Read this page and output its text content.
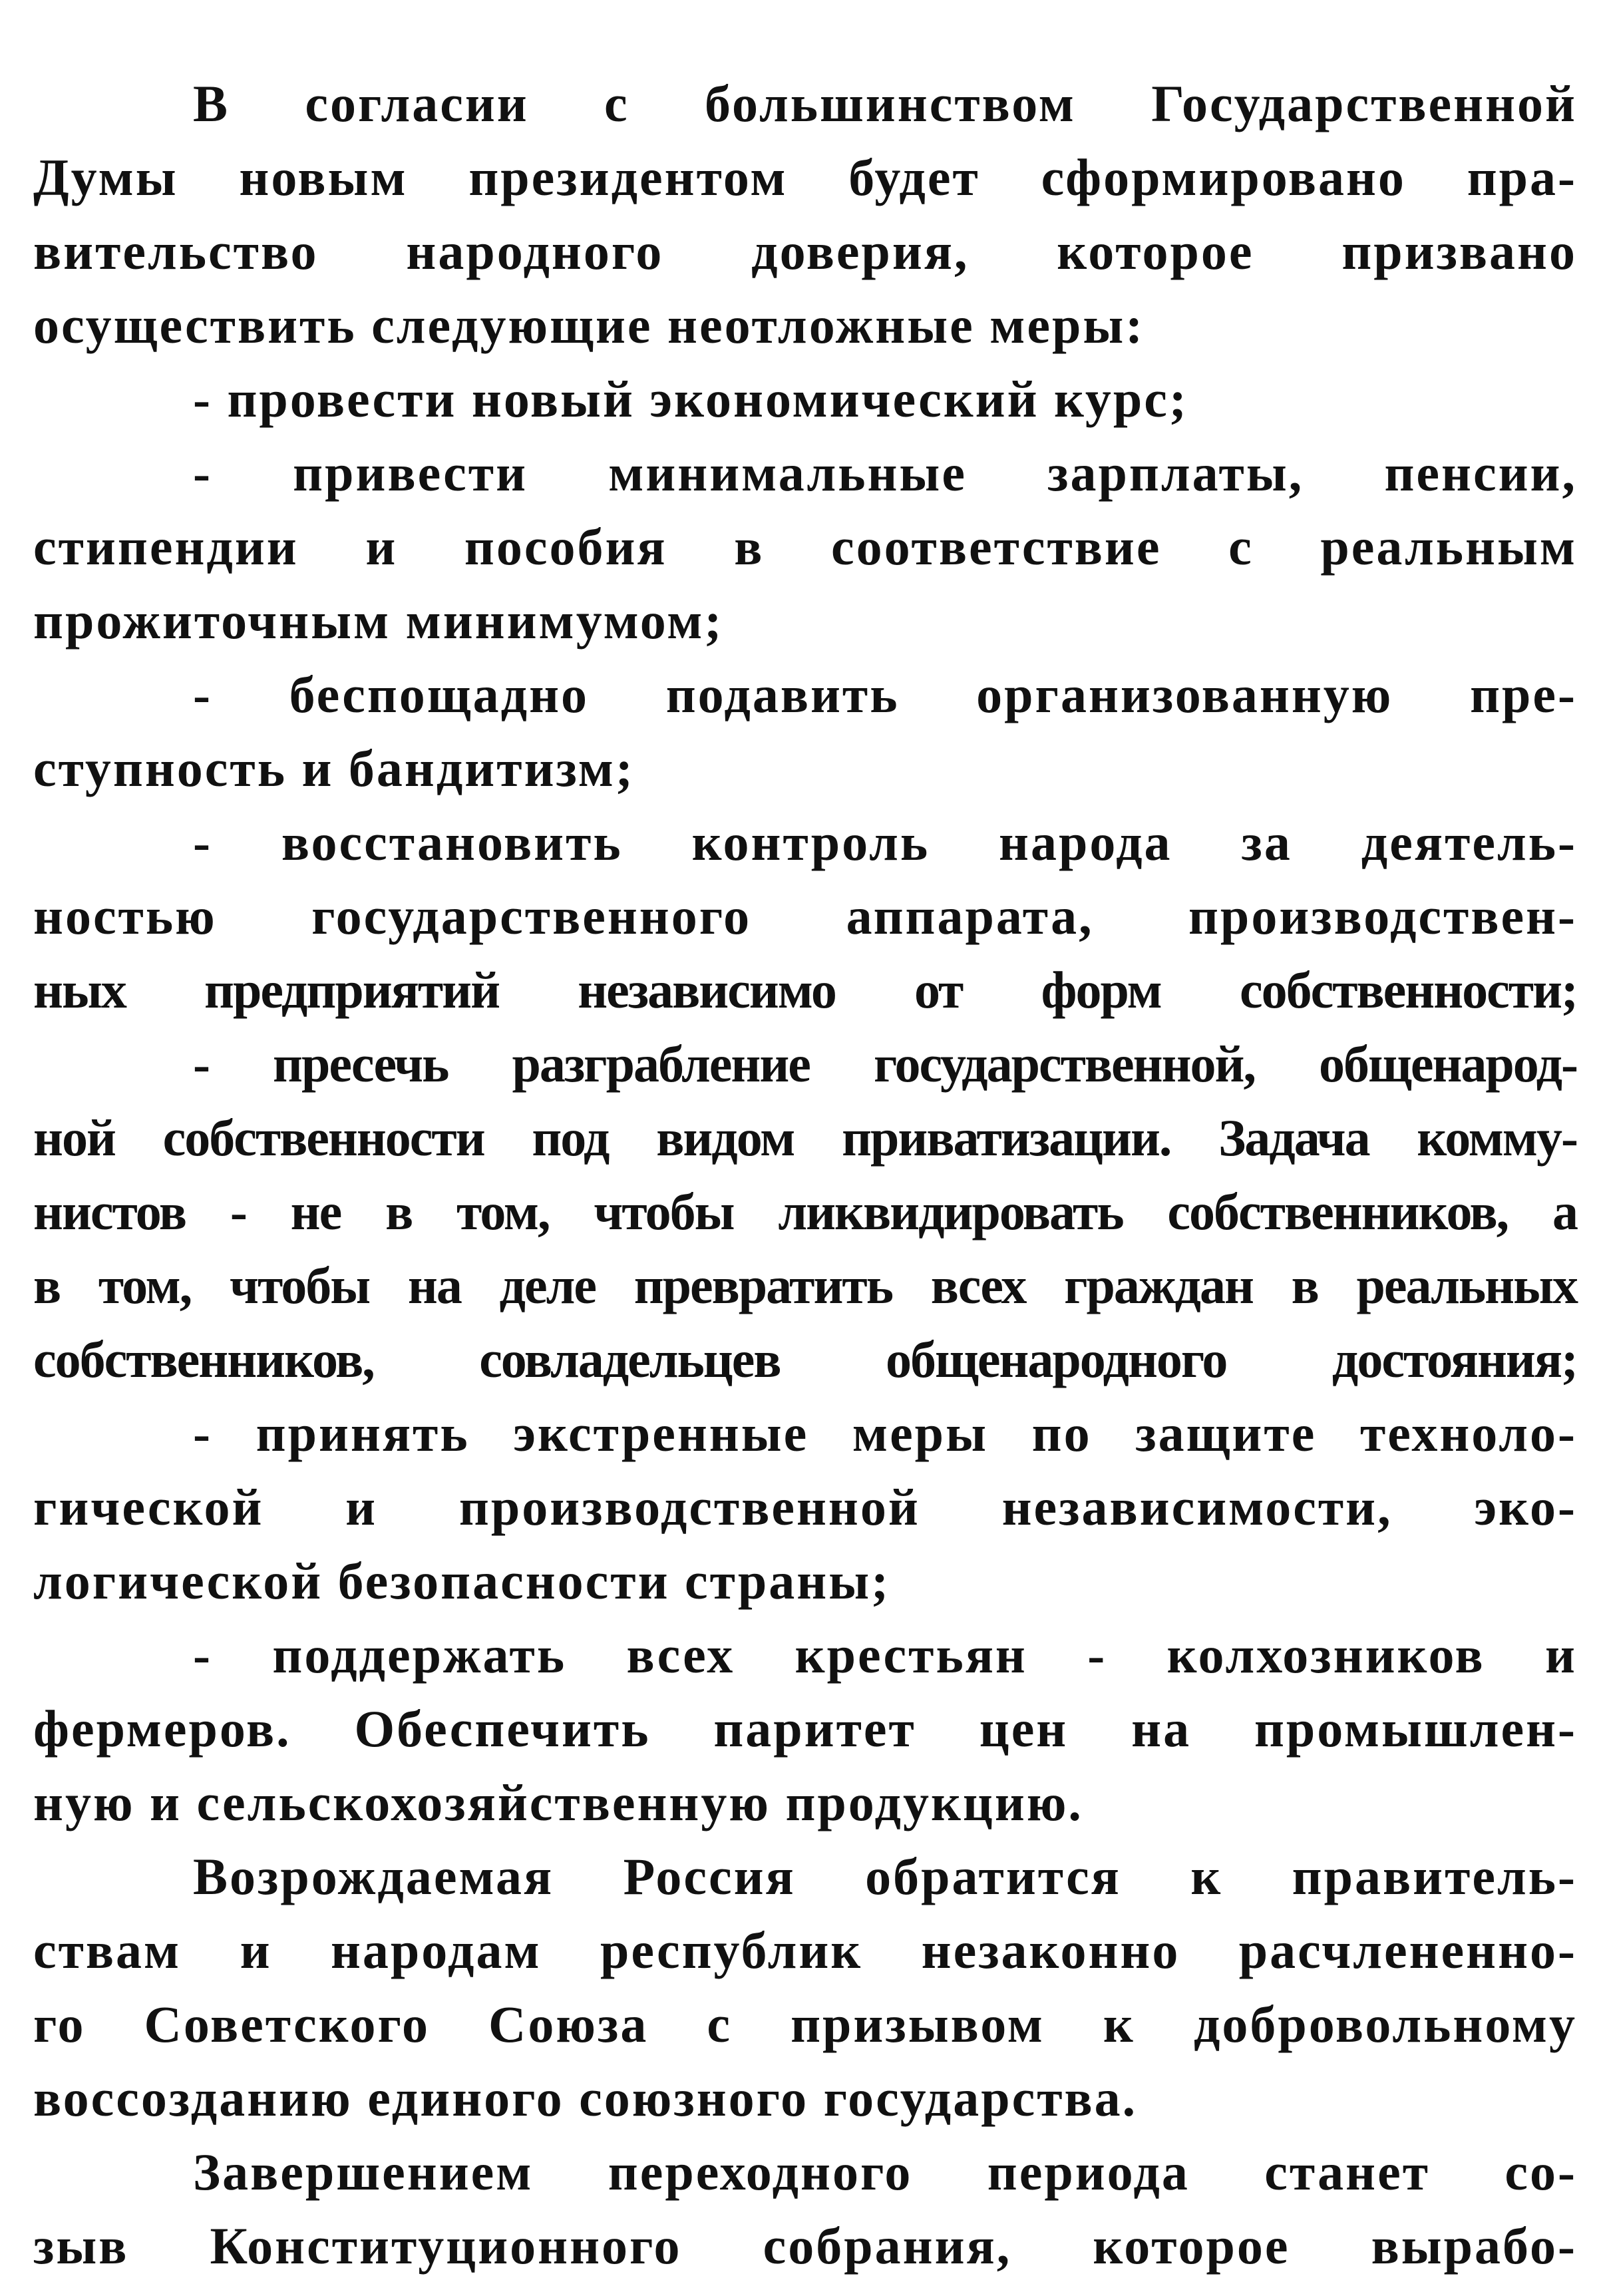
В согласии с большинством Государственной
Думы новым президентом будет сформировано пра-
вительство народного доверия, которое призвано
осуществить следующие неотложные меры:
- провести новый экономический курс;
- привести минимальные зарплаты, пенсии,
стипендии и пособия в соответствие с реальным
прожиточным минимумом;
- беспощадно подавить организованную пре-
ступность и бандитизм;
- восстановить контроль народа за деятель-
ностью государственного аппарата, производствен-
ных предприятий независимо от форм собственности;
- пресечь разграбление государственной, общенарод-
ной собственности под видом приватизации. Задача комму-
нистов - не в том, чтобы ликвидировать собственников, а
в том, чтобы на деле превратить всех граждан в реальных
собственников, совладельцев общенародного достояния;
- принять экстренные меры по защите техноло-
гической и производственной независимости, эко-
логической безопасности страны;
- поддержать всех крестьян - колхозников и
фермеров. Обеспечить паритет цен на промышлен-
ную и сельскохозяйственную продукцию.
Возрождаемая Россия обратится к правитель-
ствам и народам республик незаконно расчлененно-
го Советского Союза с призывом к добровольному
воссозданию единого союзного государства.
Завершением переходного периода станет со-
зыв Конституционного собрания, которое вырабо-
